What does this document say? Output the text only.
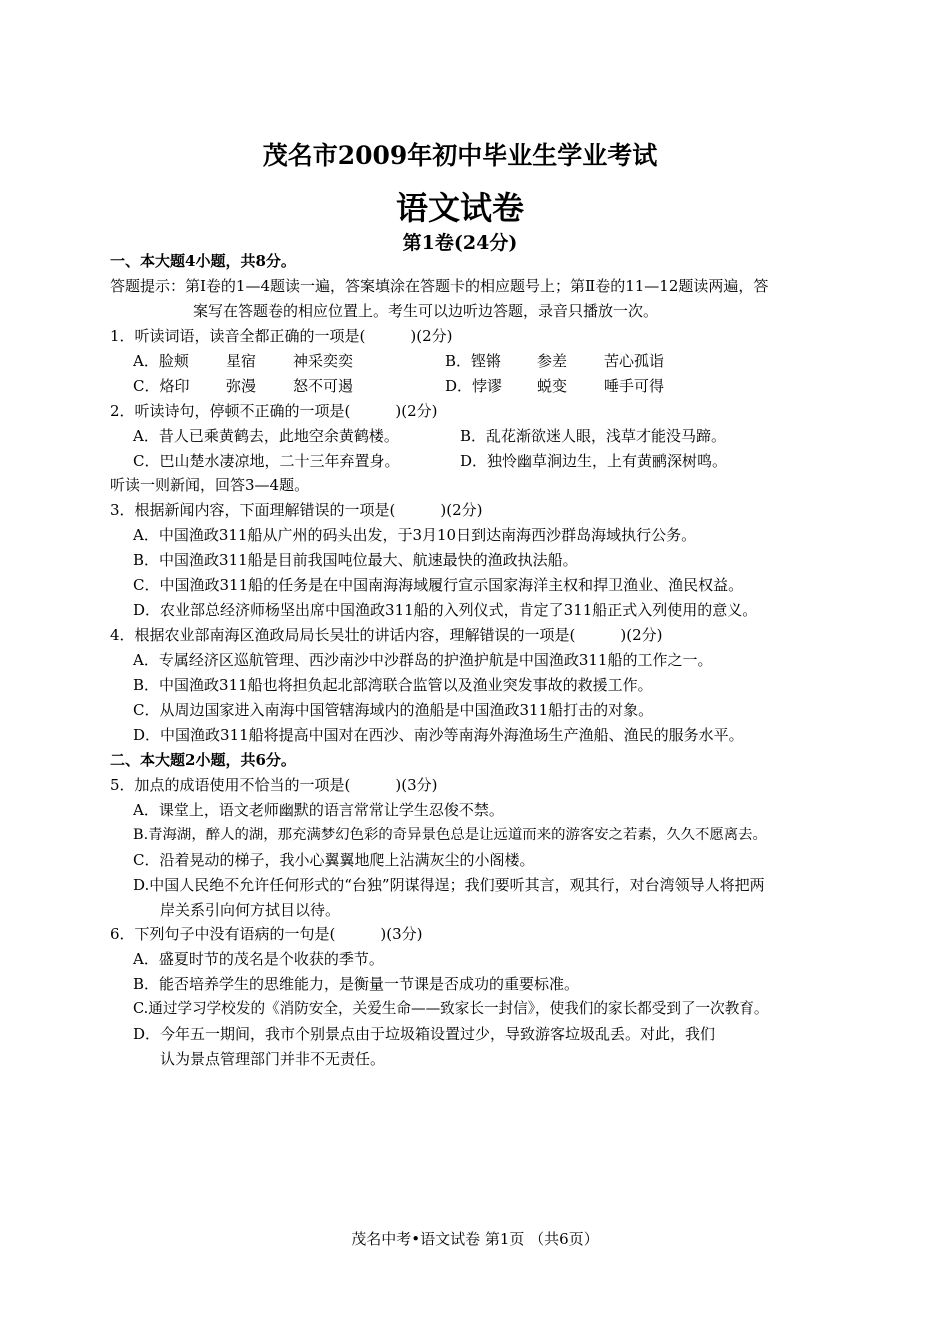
茂名市2009年初中毕业生学业考试
语文试卷
第1卷(24分)
一、本大题4小题，共8分。
答题提示：第Ⅰ卷的1—4题读一遍，答案填涂在答题卡的相应题号上；第Ⅱ卷的11—12题读两遍，答
案写在答题卷的相应位置上。考生可以边听边答题，录音只播放一次。
1．听读词语，读音全都正确的一项是(　　　)(2分)
A．脸颊 星宿 神采奕奕	B．铿锵 参差 苦心孤诣
C．烙印 弥漫 怒不可遏	D．悖谬 蜕变 唾手可得
2．听读诗句，停顿不正确的一项是(　　　)(2分)
A．昔人已乘黄鹤去，此地空余黄鹤楼。	B．乱花渐欲迷人眼，浅草才能没马蹄。
C．巴山楚水凄凉地，二十三年弃置身。	D．独怜幽草涧边生，上有黄鹂深树鸣。
听读一则新闻，回答3—4题。
3．根据新闻内容，下面理解错误的一项是(　　　)(2分)
A．中国渔政311船从广州的码头出发，于3月10日到达南海西沙群岛海域执行公务。
B．中国渔政311船是目前我国吨位最大、航速最快的渔政执法船。
C．中国渔政311船的任务是在中国南海海域履行宣示国家海洋主权和捍卫渔业、渔民权益。
D．农业部总经济师杨坚出席中国渔政311船的入列仪式，肯定了311船正式入列使用的意义。
4．根据农业部南海区渔政局局长吴壮的讲话内容，理解错误的一项是(　　　)(2分)
A．专属经济区巡航管理、西沙南沙中沙群岛的护渔护航是中国渔政311船的工作之一。
B．中国渔政311船也将担负起北部湾联合监管以及渔业突发事故的救援工作。
C．从周边国家进入南海中国管辖海域内的渔船是中国渔政311船打击的对象。
D．中国渔政311船将提高中国对在西沙、南沙等南海外海渔场生产渔船、渔民的服务水平。
二、本大题2小题，共6分。
5．加点的成语使用不恰当的一项是(　　　)(3分)
A．课堂上，语文老师幽默的语言常常让学生忍俊不禁。
B.青海湖，醉人的湖，那充满梦幻色彩的奇异景色总是让远道而来的游客安之若素，久久不愿离去。
C．沿着晃动的梯子，我小心翼翼地爬上沾满灰尘的小阁楼。
D.中国人民绝不允许任何形式的“台独”阴谋得逞；我们要听其言，观其行，对台湾领导人将把两
岸关系引向何方拭目以待。
6．下列句子中没有语病的一句是(　　　)(3分)
A．盛夏时节的茂名是个收获的季节。
B．能否培养学生的思维能力，是衡量一节课是否成功的重要标准。
C.通过学习学校发的《消防安全，关爱生命——致家长一封信》，使我们的家长都受到了一次教育。
D．今年五一期间，我市个别景点由于垃圾箱设置过少，导致游客垃圾乱丢。对此，我们
认为景点管理部门并非不无责任。
茂名中考•语文试卷 第1页 （共6页）
